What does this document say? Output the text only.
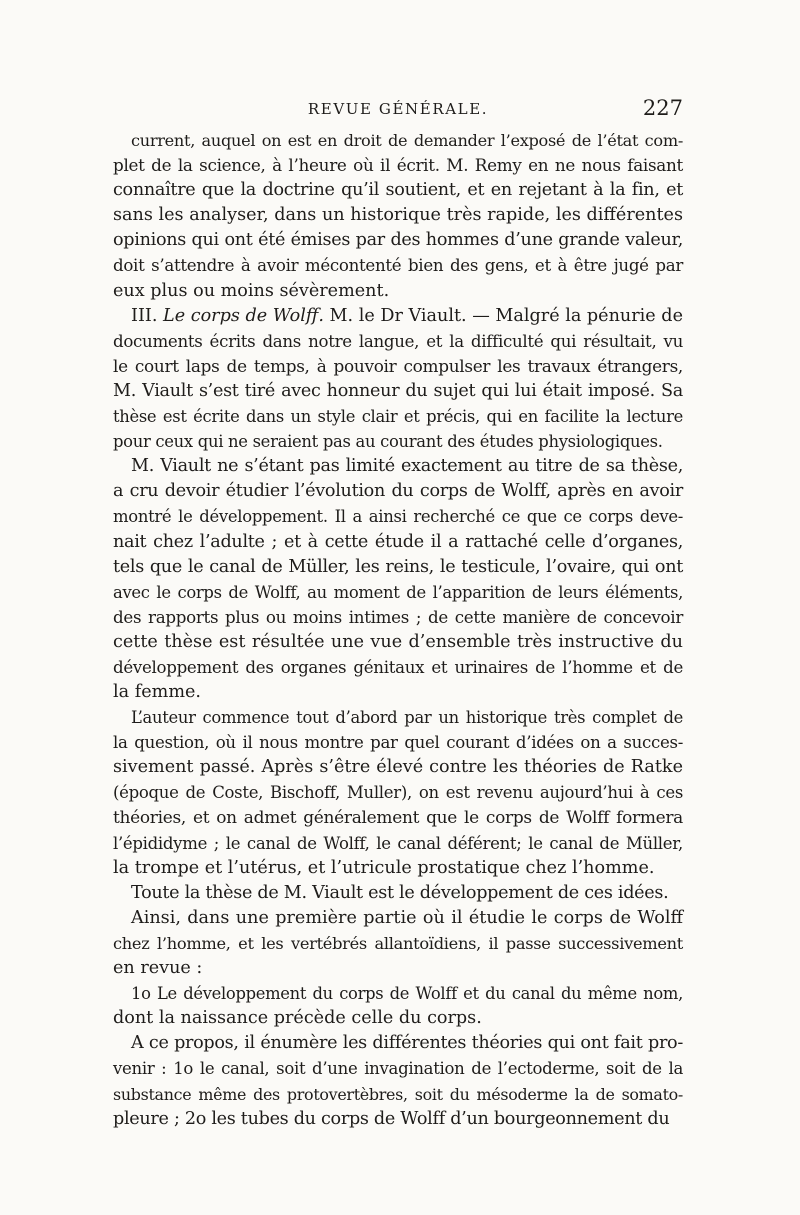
REVUE GÉNÉRALE.	227

current, auquel on est en droit de demander l’exposé de l’état com-
plet de la science, à l’heure où il écrit. M. Remy en ne nous faisant
connaître que la doctrine qu’il soutient, et en rejetant à la fin, et
sans les analyser, dans un historique très rapide, les différentes
opinions qui ont été émises par des hommes d’une grande valeur,
doit s’attendre à avoir mécontenté bien des gens, et à être jugé par
eux plus ou moins sévèrement.

III. Le corps de Wolff. M. le Dr Viault. — Malgré la pénurie de
documents écrits dans notre langue, et la difficulté qui résultait, vu
le court laps de temps, à pouvoir compulser les travaux étrangers,
M. Viault s’est tiré avec honneur du sujet qui lui était imposé. Sa
thèse est écrite dans un style clair et précis, qui en facilite la lecture
pour ceux qui ne seraient pas au courant des études physiologiques.

M. Viault ne s’étant pas limité exactement au titre de sa thèse,
a cru devoir étudier l’évolution du corps de Wolff, après en avoir
montré le développement. Il a ainsi recherché ce que ce corps deve-
nait chez l’adulte ; et à cette étude il a rattaché celle d’organes,
tels que le canal de Müller, les reins, le testicule, l’ovaire, qui ont
avec le corps de Wolff, au moment de l’apparition de leurs éléments,
des rapports plus ou moins intimes ; de cette manière de concevoir
cette thèse est résultée une vue d’ensemble très instructive du
développement des organes génitaux et urinaires de l’homme et de
la femme.

L’auteur commence tout d’abord par un historique très complet de
la question, où il nous montre par quel courant d’idées on a succes-
sivement passé. Après s’être élevé contre les théories de Ratke
(époque de Coste, Bischoff, Muller), on est revenu aujourd’hui à ces
théories, et on admet généralement que le corps de Wolff formera
l’épididyme ; le canal de Wolff, le canal déférent; le canal de Müller,
la trompe et l’utérus, et l’utricule prostatique chez l’homme.

Toute la thèse de M. Viault est le développement de ces idées.

Ainsi, dans une première partie où il étudie le corps de Wolff
chez l’homme, et les vertébrés allantoïdiens, il passe successivement
en revue :

1o Le développement du corps de Wolff et du canal du même nom,
dont la naissance précède celle du corps.

A ce propos, il énumère les différentes théories qui ont fait pro-
venir : 1o le canal, soit d’une invagination de l’ectoderme, soit de la
substance même des protovertèbres, soit du mésoderme la de somato-
pleure ; 2o les tubes du corps de Wolff d’un bourgeonnement du
